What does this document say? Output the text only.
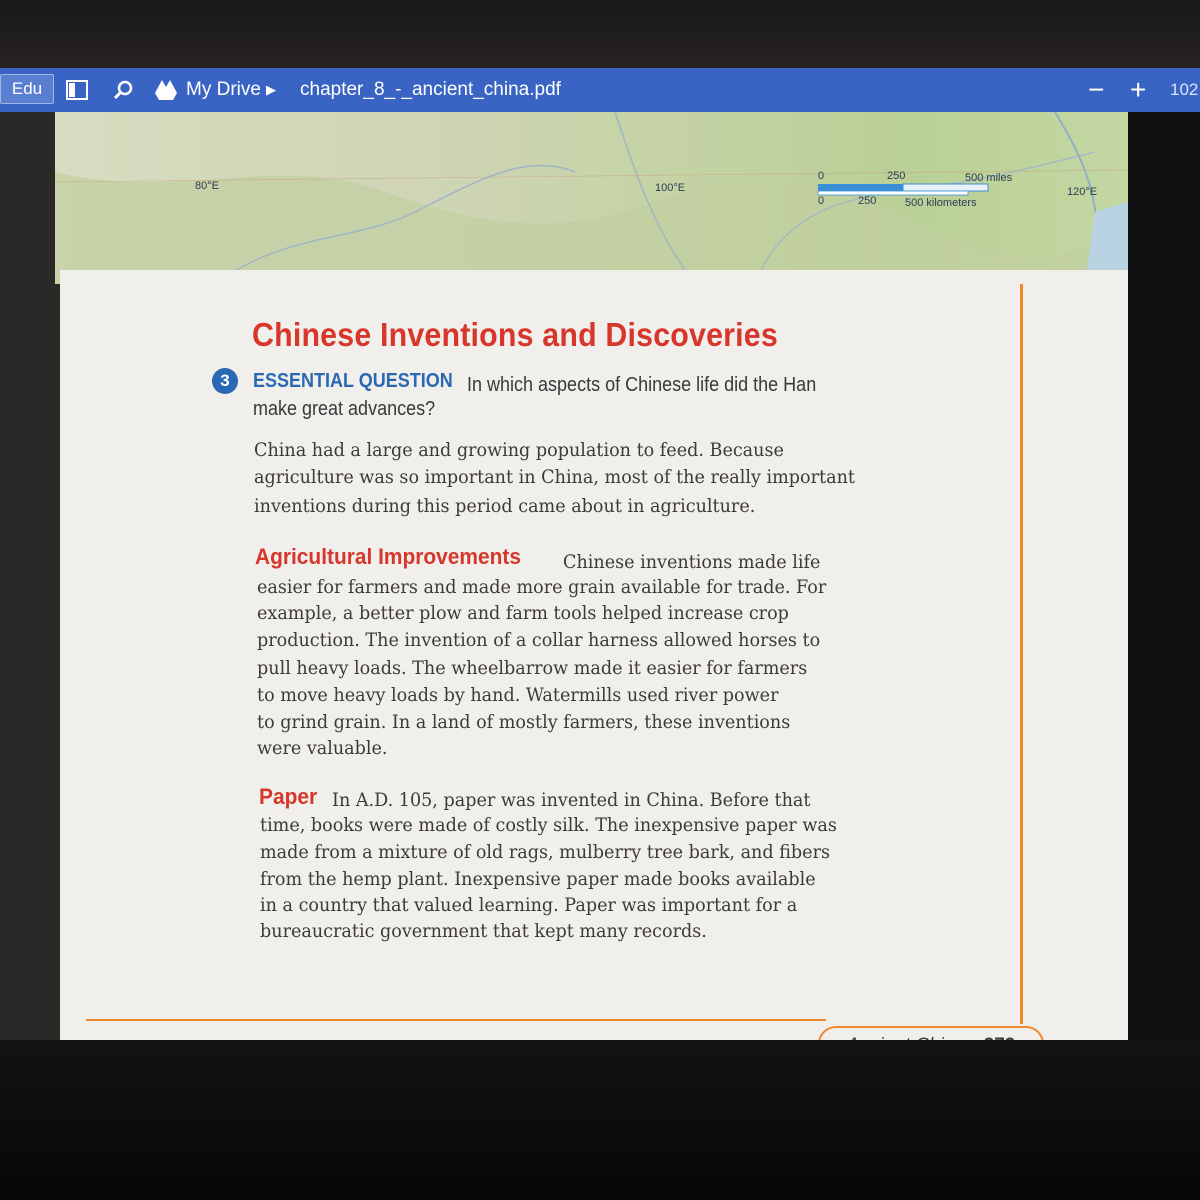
Edu	My Drive ▶ chapter_8_-_ancient_china.pdf	− + 102
80°E	100°E	120°E
0	250	500 miles
0	250	500 kilometers
Chinese Inventions and Discoveries
3	ESSENTIAL QUESTION In which aspects of Chinese life did the Han
make great advances?
China had a large and growing population to feed. Because
agriculture was so important in China, most of the really important
inventions during this period came about in agriculture.
Agricultural Improvements Chinese inventions made life
easier for farmers and made more grain available for trade. For
example, a better plow and farm tools helped increase crop
production. The invention of a collar harness allowed horses to
pull heavy loads. The wheelbarrow made it easier for farmers
to move heavy loads by hand. Watermills used river power
to grind grain. In a land of mostly farmers, these inventions
were valuable.
Paper In A.D. 105, paper was invented in China. Before that
time, books were made of costly silk. The inexpensive paper was
made from a mixture of old rags, mulberry tree bark, and fibers
from the hemp plant. Inexpensive paper made books available
in a country that valued learning. Paper was important for a
bureaucratic government that kept many records.
